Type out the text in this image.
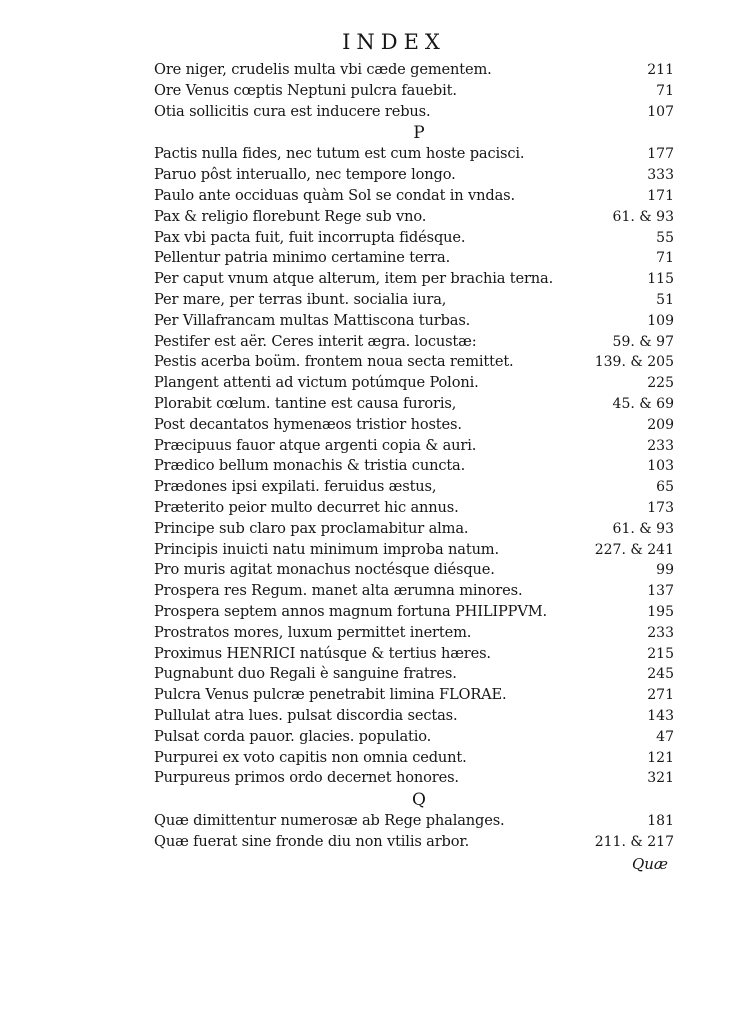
INDEX
Ore niger, crudelis multa vbi cæde gementem.	211
Ore Venus cœptis Neptuni pulcra fauebit.	71
Otia sollicitis cura est inducere rebus.	107
P
Pactis nulla fides, nec tutum est cum hoste pacisci.	177
Paruo pôst interuallo, nec tempore longo.	333
Paulo ante occiduas quàm Sol se condat in vndas.	171
Pax & religio florebunt Rege sub vno.	61. & 93
Pax vbi pacta fuit, fuit incorrupta fidésque.	55
Pellentur patria minimo certamine terra.	71
Per caput vnum atque alterum, item per brachia terna.	115
Per mare, per terras ibunt. socialia iura,	51
Per Villafrancam multas Mattiscona turbas.	109
Pestifer est aër. Ceres interit ægra. locustæ:	59. & 97
Pestis acerba boüm. frontem noua secta remittet.	139. & 205
Plangent attenti ad victum potúmque Poloni.	225
Plorabit cœlum. tantine est causa furoris,	45. & 69
Post decantatos hymenæos tristior hostes.	209
Præcipuus fauor atque argenti copia & auri.	233
Prædico bellum monachis & tristia cuncta.	103
Prædones ipsi expilati. feruidus æstus,	65
Præterito peior multo decurret hic annus.	173
Principe sub claro pax proclamabitur alma.	61. & 93
Principis inuicti natu minimum improba natum.	227. & 241
Pro muris agitat monachus noctésque diésque.	99
Prospera res Regum. manet alta ærumna minores.	137
Prospera septem annos magnum fortuna PHILIPPVM.	195
Prostratos mores, luxum permittet inertem.	233
Proximus HENRICI natúsque & tertius hæres.	215
Pugnabunt duo Regali è sanguine fratres.	245
Pulcra Venus pulcræ penetrabit limina FLORAE.	271
Pullulat atra lues. pulsat discordia sectas.	143
Pulsat corda pauor. glacies. populatio.	47
Purpurei ex voto capitis non omnia cedunt.	121
Purpureus primos ordo decernet honores.	321
Q
Quæ dimittentur numerosæ ab Rege phalanges.	181
Quæ fuerat sine fronde diu non vtilis arbor.	211. & 217
Quæ
